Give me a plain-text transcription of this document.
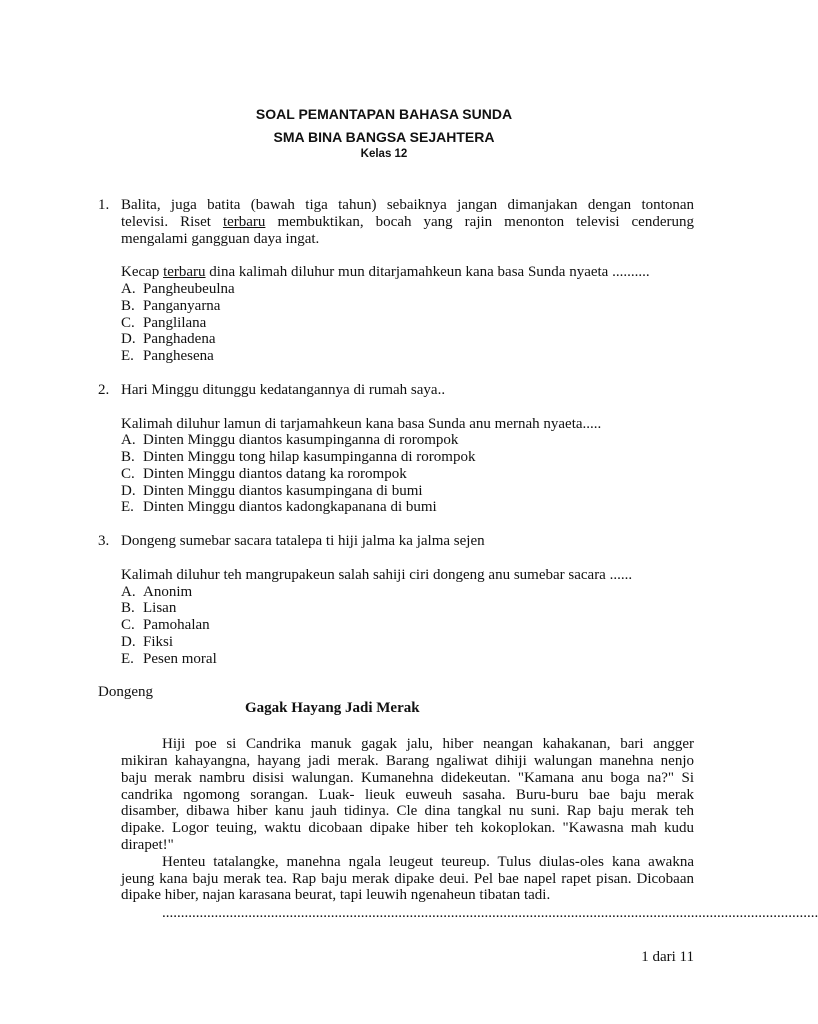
SOAL PEMANTAPAN BAHASA SUNDA
SMA BINA BANGSA SEJAHTERA
Kelas 12
1. Balita, juga batita (bawah tiga tahun) sebaiknya jangan dimanjakan dengan tontonan
televisi. Riset terbaru membuktikan, bocah yang rajin menonton televisi cenderung
mengalami gangguan daya ingat.
Kecap terbaru dina kalimah diluhur mun ditarjamahkeun kana basa Sunda nyaeta ..........
A. Pangheubeulna
B. Panganyarna
C. Panglilana
D. Panghadena
E. Panghesena
2. Hari Minggu ditunggu kedatangannya di rumah saya..
Kalimah diluhur lamun di tarjamahkeun kana basa Sunda anu mernah nyaeta.....
A. Dinten Minggu diantos kasumpinganna di rorompok
B. Dinten Minggu tong hilap kasumpinganna di rorompok
C. Dinten Minggu diantos datang ka rorompok
D. Dinten Minggu diantos kasumpingana di bumi
E. Dinten Minggu diantos kadongkapanana di bumi
3. Dongeng sumebar sacara tatalepa ti hiji jalma ka jalma sejen
Kalimah diluhur teh mangrupakeun salah sahiji ciri dongeng anu sumebar sacara ......
A. Anonim
B. Lisan
C. Pamohalan
D. Fiksi
E. Pesen moral
Dongeng
Gagak Hayang Jadi Merak
Hiji poe si Candrika manuk gagak jalu, hiber neangan kahakanan, bari angger
mikiran kahayangna, hayang jadi merak. Barang ngaliwat dihiji walungan manehna nenjo
baju merak nambru disisi walungan. Kumanehna didekeutan. "Kamana anu boga na?" Si
candrika ngomong sorangan. Luak- lieuk euweuh sasaha. Buru-buru bae baju merak
disamber, dibawa hiber kanu jauh tidinya. Cle dina tangkal nu suni. Rap baju merak teh
dipake. Logor teuing, waktu dicobaan dipake hiber teh kokoplokan. "Kawasna mah kudu
dirapet!"
Henteu tatalangke, manehna ngala leugeut teureup. Tulus diulas-oles kana awakna
jeung kana baju merak tea. Rap baju merak dipake deui. Pel bae napel rapet pisan. Dicobaan
dipake hiber, najan karasana beurat, tapi leuwih ngenaheun tibatan tadi.
...............................................................................................................................................................................
1 dari 11
